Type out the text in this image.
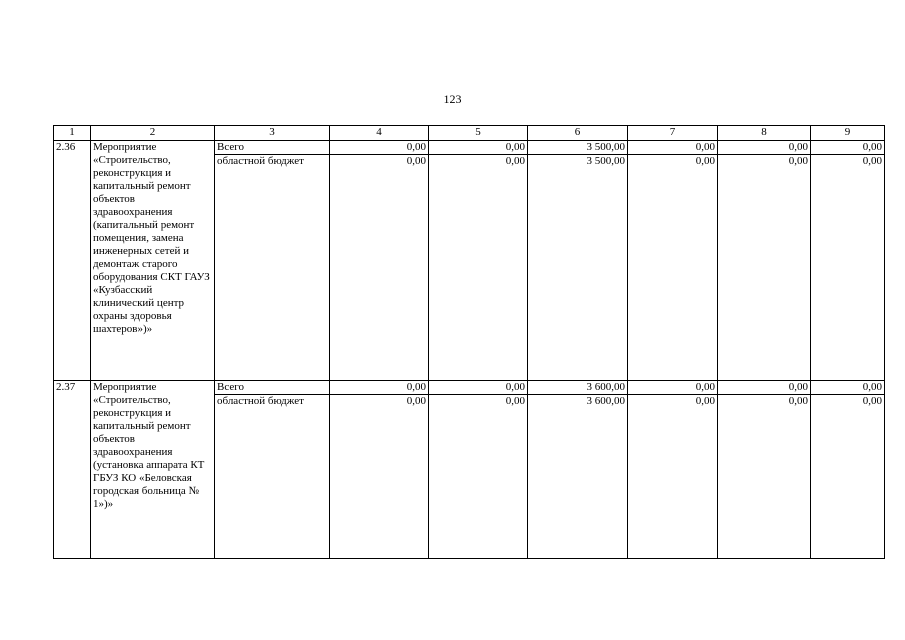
123
1	2	3	4	5	6	7	8	9
2.36	Мероприятие «Строительство, реконструкция и капитальный ремонт объектов здравоохранения (капитальный ремонт помещения, замена инженерных сетей и демонтаж старого оборудования СКТ ГАУЗ «Кузбасский клинический центр охраны здоровья шахтеров»)»	Всего	0,00	0,00	3 500,00	0,00	0,00	0,00
		областной бюджет	0,00	0,00	3 500,00	0,00	0,00	0,00
2.37	Мероприятие «Строительство, реконструкция и капитальный ремонт объектов здравоохранения (установка аппарата КТ ГБУЗ КО «Беловская городская больница № 1»)»	Всего	0,00	0,00	3 600,00	0,00	0,00	0,00
		областной бюджет	0,00	0,00	3 600,00	0,00	0,00	0,00
